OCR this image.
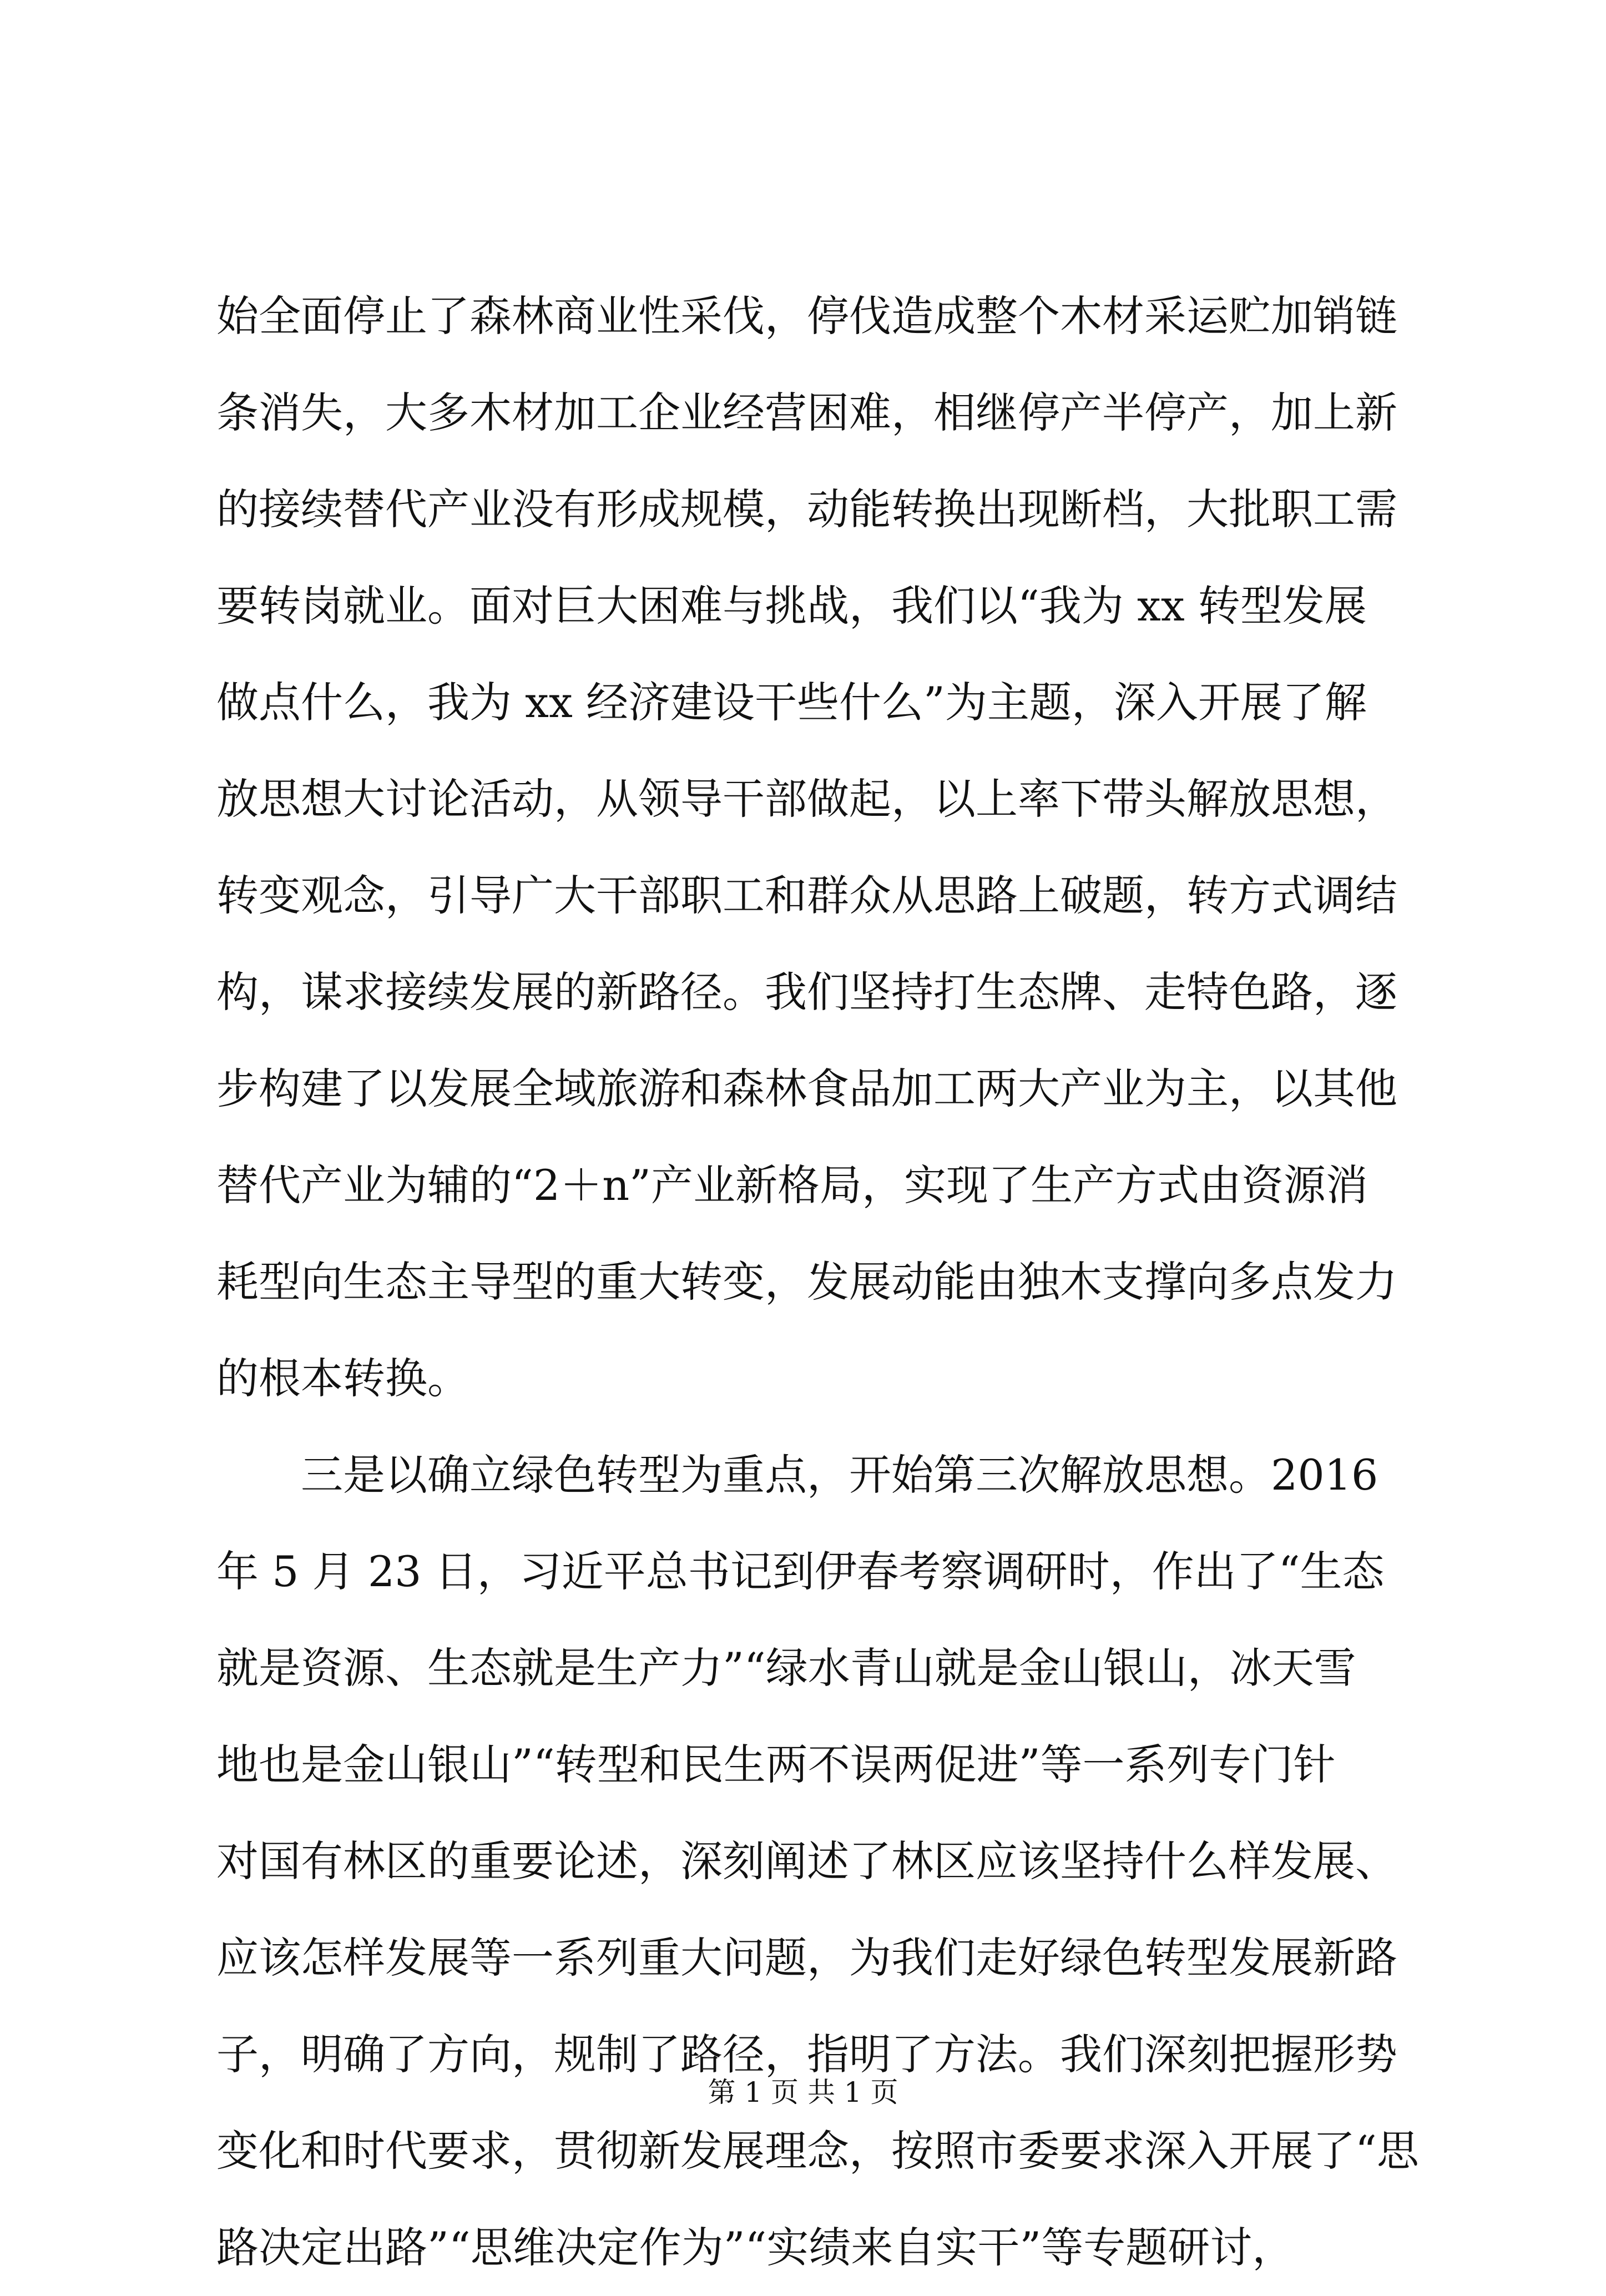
始全面停止了森林商业性采伐，停伐造成整个木材采运贮加销链
条消失，大多木材加工企业经营困难，相继停产半停产，加上新
的接续替代产业没有形成规模，动能转换出现断档，大批职工需
要转岗就业。面对巨大困难与挑战，我们以“我为 xx 转型发展
做点什么，我为 xx 经济建设干些什么”为主题，深入开展了解
放思想大讨论活动，从领导干部做起，以上率下带头解放思想，
转变观念，引导广大干部职工和群众从思路上破题，转方式调结
构，谋求接续发展的新路径。我们坚持打生态牌、走特色路，逐
步构建了以发展全域旅游和森林食品加工两大产业为主，以其他
替代产业为辅的“2＋n”产业新格局，实现了生产方式由资源消
耗型向生态主导型的重大转变，发展动能由独木支撑向多点发力
的根本转换。
　　三是以确立绿色转型为重点，开始第三次解放思想。2016
年 5 月 23 日，习近平总书记到伊春考察调研时，作出了“生态
就是资源、生态就是生产力”“绿水青山就是金山银山，冰天雪
地也是金山银山”“转型和民生两不误两促进”等一系列专门针
对国有林区的重要论述，深刻阐述了林区应该坚持什么样发展、
应该怎样发展等一系列重大问题，为我们走好绿色转型发展新路
子，明确了方向，规制了路径，指明了方法。我们深刻把握形势
变化和时代要求，贯彻新发展理念，按照市委要求深入开展了“思
路决定出路”“思维决定作为”“实绩来自实干”等专题研讨，
第 1 页 共 1 页
